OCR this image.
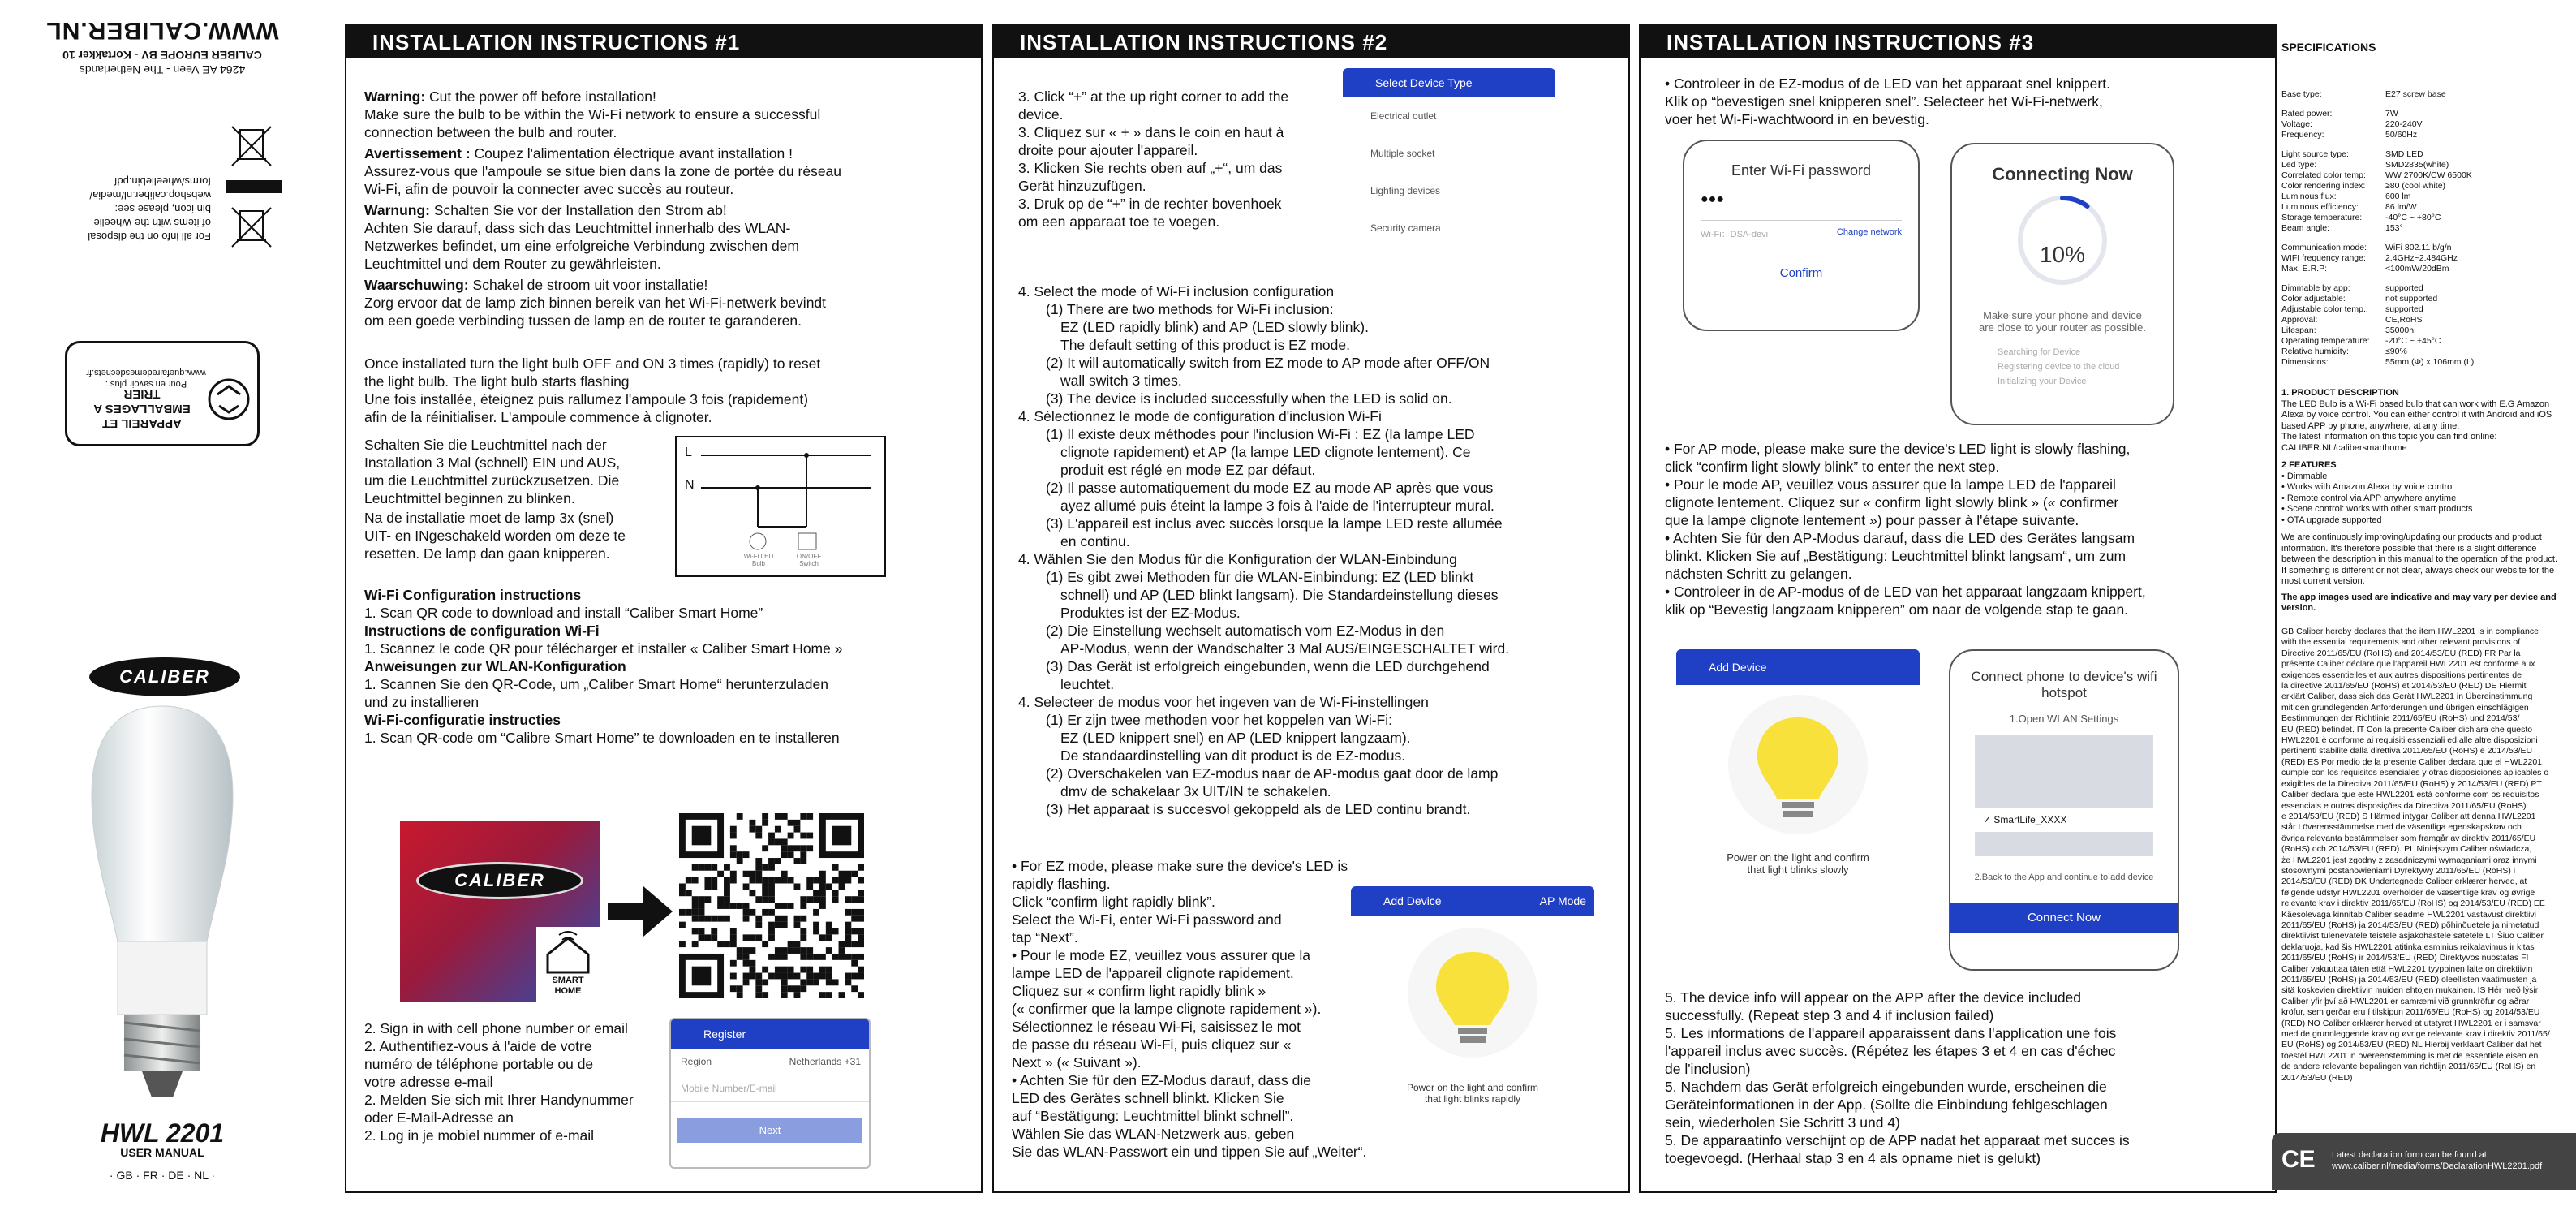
4264 AE Veen - The Netherlands
CALIBER EUROPE BV - Kortakker 10
WWW.CALIBER.NL
For all info on the disposal
of items with the Wheelie
bin icon, please see:
webshop.caliber.nl/media/
forms/wheeliebin.pdf
APPAREIL ET
EMBALLAGES A TRIER
Pour en savoir plus :
www.quefairedemesdechets.fr
CALIBER
HWL 2201
USER MANUAL
· GB · FR · DE · NL ·
INSTALLATION INSTRUCTIONS #1
Warning: Cut the power off before installation!
Make sure the bulb to be within the Wi-Fi network to ensure a successful
connection between the bulb and router.
Avertissement : Coupez l'alimentation électrique avant installation !
Assurez-vous que l'ampoule se situe bien dans la zone de portée du réseau
Wi-Fi, afin de pouvoir la connecter avec succès au routeur.
Warnung: Schalten Sie vor der Installation den Strom ab!
Achten Sie darauf, dass sich das Leuchtmittel innerhalb des WLAN-
Netzwerkes befindet, um eine erfolgreiche Verbindung zwischen dem
Leuchtmittel und dem Router zu gewährleisten.
Waarschuwing: Schakel de stroom uit voor installatie!
Zorg ervoor dat de lamp zich binnen bereik van het Wi-Fi-netwerk bevindt
om een goede verbinding tussen de lamp en de router te garanderen.
Once installated turn the light bulb OFF and ON 3 times (rapidly) to reset
the light bulb. The light bulb starts flashing
Une fois installée, éteignez puis rallumez l'ampoule 3 fois (rapidement)
afin de la réinitialiser. L'ampoule commence à clignoter.
Schalten Sie die Leuchtmittel nach der
Installation 3 Mal (schnell) EIN und AUS,
um die Leuchtmittel zurückzusetzen. Die
Leuchtmittel beginnen zu blinken.
Na de installatie moet de lamp 3x (snel)
UIT- en INgeschakeld worden om deze te
resetten. De lamp dan gaan knipperen.
L
N
Wi-Fi LED Bulb
ON/OFF Switch
Wi-Fi Configuration instructions
1. Scan QR code to download and install “Caliber Smart Home”
Instructions de configuration Wi-Fi
1. Scannez le code QR pour télécharger et installer « Caliber Smart Home »
Anweisungen zur WLAN-Konfiguration
1. Scannen Sie den QR-Code, um „Caliber Smart Home“ herunterzuladen
und zu installieren
Wi-Fi-configuratie instructies
1. Scan QR-code om “Calibre Smart Home” te downloaden en te installeren
CALIBER
SMART HOME
2. Sign in with cell phone number or email
2. Authentifiez-vous à l'aide de votre
numéro de téléphone portable ou de
votre adresse e-mail
2. Melden Sie sich mit Ihrer Handynummer
oder E-Mail-Adresse an
2. Log in je mobiel nummer of e-mail
Register
Region	Netherlands +31
Mobile Number/E-mail
Next
INSTALLATION INSTRUCTIONS #2
3. Click “+” at the up right corner to add the
device.
3. Cliquez sur « + » dans le coin en haut à
droite pour ajouter l'appareil.
3. Klicken Sie rechts oben auf „+“, um das
Gerät hinzuzufügen.
3. Druk op de “+” in de rechter bovenhoek
om een apparaat toe te voegen.
Select Device Type
Electrical outlet
Multiple socket
Lighting devices
Security camera
4. Select the mode of Wi-Fi inclusion configuration
(1) There are two methods for Wi-Fi inclusion:
EZ (LED rapidly blink) and AP (LED slowly blink).
The default setting of this product is EZ mode.
(2) It will automatically switch from EZ mode to AP mode after OFF/ON
wall switch 3 times.
(3) The device is included successfully when the LED is solid on.
4. Sélectionnez le mode de configuration d'inclusion Wi-Fi
(1) Il existe deux méthodes pour l'inclusion Wi-Fi : EZ (la lampe LED
clignote rapidement) et AP (la lampe LED clignote lentement). Ce
produit est réglé en mode EZ par défaut.
(2) Il passe automatiquement du mode EZ au mode AP après que vous
ayez allumé puis éteint la lampe 3 fois à l'aide de l'interrupteur mural.
(3) L'appareil est inclus avec succès lorsque la lampe LED reste allumée
en continu.
4. Wählen Sie den Modus für die Konfiguration der WLAN-Einbindung
(1) Es gibt zwei Methoden für die WLAN-Einbindung: EZ (LED blinkt
schnell) und AP (LED blinkt langsam). Die Standardeinstellung dieses
Produktes ist der EZ-Modus.
(2) Die Einstellung wechselt automatisch vom EZ-Modus in den
AP-Modus, wenn der Wandschalter 3 Mal AUS/EINGESCHALTET wird.
(3) Das Gerät ist erfolgreich eingebunden, wenn die LED durchgehend
leuchtet.
4. Selecteer de modus voor het ingeven van de Wi-Fi-instellingen
(1) Er zijn twee methoden voor het koppelen van Wi-Fi:
EZ (LED knippert snel) en AP (LED knippert langzaam).
De standaardinstelling van dit product is de EZ-modus.
(2) Overschakelen van EZ-modus naar de AP-modus gaat door de lamp
dmv de schakelaar 3x UIT/IN te schakelen.
(3) Het apparaat is succesvol gekoppeld als de LED continu brandt.
• For EZ mode, please make sure the device's LED is rapidly flashing.
Click “confirm light rapidly blink”.
Select the Wi-Fi, enter Wi-Fi password and
tap “Next”.
• Pour le mode EZ, veuillez vous assurer que la
lampe LED de l'appareil clignote rapidement.
Cliquez sur « confirm light rapidly blink »
(« confirmer que la lampe clignote rapidement »).
Sélectionnez le réseau Wi-Fi, saisissez le mot
de passe du réseau Wi-Fi, puis cliquez sur «
Next » (« Suivant »).
• Achten Sie für den EZ-Modus darauf, dass die
LED des Gerätes schnell blinkt. Klicken Sie
auf “Bestätigung: Leuchtmittel blinkt schnell”.
Wählen Sie das WLAN-Netzwerk aus, geben
Sie das WLAN-Passwort ein und tippen Sie auf „Weiter“.
Add Device	AP Mode
Power on the light and confirm
that light blinks rapidly
INSTALLATION INSTRUCTIONS #3
• Controleer in de EZ-modus of de LED van het apparaat snel knippert.
Klik op “bevestigen snel knipperen snel”. Selecteer het Wi-Fi-netwerk,
voer het Wi-Fi-wachtwoord in en bevestig.
Enter Wi-Fi password
●●●
Wi-Fi：DSA-devi	Change network
Confirm
Connecting Now
10%
Make sure your phone and device
are close to your router as possible.
Searching for Device
Registering device to the cloud
Initializing your Device
• For AP mode, please make sure the device's LED light is slowly flashing,
click “confirm light slowly blink” to enter the next step.
• Pour le mode AP, veuillez vous assurer que la lampe LED de l'appareil
clignote lentement. Cliquez sur « confirm light slowly blink » (« confirmer
que la lampe clignote lentement ») pour passer à l'étape suivante.
• Achten Sie für den AP-Modus darauf, dass die LED des Gerätes langsam
blinkt. Klicken Sie auf „Bestätigung: Leuchtmittel blinkt langsam“, um zum
nächsten Schritt zu gelangen.
• Controleer in de AP-modus of de LED van het apparaat langzaam knippert,
klik op “Bevestig langzaam knipperen” om naar de volgende stap te gaan.
Add Device
Power on the light and confirm
that light blinks slowly
Connect phone to device's wifi
hotspot
1.Open WLAN Settings
✓ SmartLife_XXXX
2.Back to the App and continue to add device
Connect Now
5. The device info will appear on the APP after the device included
successfully. (Repeat step 3 and 4 if inclusion failed)
5. Les informations de l'appareil apparaissent dans l'application une fois
l'appareil inclus avec succès. (Répétez les étapes 3 et 4 en cas d'échec
de l'inclusion)
5. Nachdem das Gerät erfolgreich eingebunden wurde, erscheinen die
Geräteinformationen in der App. (Sollte die Einbindung fehlgeschlagen
sein, wiederholen Sie Schritt 3 und 4)
5. De apparaatinfo verschijnt op de APP nadat het apparaat met succes is
toegevoegd. (Herhaal stap 3 en 4 als opname niet is gelukt)
SPECIFICATIONS
Base type:	E27 screw base
Rated power:	7W
Voltage:	220-240V
Frequency:	50/60Hz
Light source type:	SMD LED
Led type:	SMD2835(white)
Correlated color temp: WW 2700K/CW 6500K
Color rendering index: ≥80 (cool white)
Luminous flux:	600 lm
Luminous efficiency:	86 lm/W
Storage temperature:	-40°C ~ +80°C
Beam angle:	153°
Communication mode: WiFi 802.11 b/g/n
WIFI frequency range: 2.4GHz~2.484GHz
Max. E.R.P:	<100mW/20dBm
Dimmable by app:	supported
Color adjustable:	not supported
Adjustable color temp.: supported
Approval:	CE,RoHS
Lifespan:	35000h
Operating temperature: -20°C ~ +45°C
Relative humidity:	≤90%
Dimensions:	55mm (Φ) x 106mm (L)
1. PRODUCT DESCRIPTION
The LED Bulb is a Wi-Fi based bulb that can work with E.G Amazon
Alexa by voice control. You can either control it with Android and iOS
based APP by phone, anywhere, at any time.
The latest information on this topic you can find online:
CALIBER.NL/calibersmarthome
2 FEATURES
• Dimmable
• Works with Amazon Alexa by voice control
• Remote control via APP anywhere anytime
• Scene control: works with other smart products
• OTA upgrade supported
We are continuously improving/updating our products and product
information. It's therefore possible that there is a slight difference
between the description in this manual to the operation of the product.
If something is different or not clear, always check our website for the
most current version.
The app images used are indicative and may vary per device and
version.
GB Caliber hereby declares that the item HWL2201 is in compliance
with the essential requirements and other relevant provisions of
Directive 2011/65/EU (RoHS) and 2014/53/EU (RED) FR Par la
présente Caliber déclare que l'appareil HWL2201 est conforme aux
exigences essentielles et aux autres dispositions pertinentes de
la directive 2011/65/EU (RoHS) et 2014/53/EU (RED) DE Hiermit
erklärt Caliber, dass sich das Gerät HWL2201 in Übereinstimmung
mit den grundlegenden Anforderungen und übrigen einschlägigen
Bestimmungen der Richtlinie 2011/65/EU (RoHS) und 2014/53/
EU (RED) befindet. IT Con la presente Caliber dichiara che questo
HWL2201 è conforme ai requisiti essenziali ed alle altre disposizioni
pertinenti stabilite dalla direttiva 2011/65/EU (RoHS) e 2014/53/EU
(RED) ES Por medio de la presente Caliber declara que el HWL2201
cumple con los requisitos esenciales y otras disposiciones aplicables o
exigibles de la Directiva 2011/65/EU (RoHS) y 2014/53/EU (RED) PT
Caliber declara que este HWL2201 está conforme com os requisitos
essenciais e outras disposições da Directiva 2011/65/EU (RoHS)
e 2014/53/EU (RED) S Härmed intygar Caliber att denna HWL2201
står I överensstämmelse med de väsentliga egenskapskrav och
övriga relevanta bestämmelser som framgår av direktiv 2011/65/EU
(RoHS) och 2014/53/EU (RED). PL Niniejszym Caliber oświadcza,
że HWL2201 jest zgodny z zasadniczymi wymaganiami oraz innymi
stosownymi postanowieniami Dyrektywy 2011/65/EU (RoHS) i
2014/53/EU (RED) DK Undertegnede Caliber erklærer herved, at
følgende udstyr HWL2201 overholder de væsentlige krav og øvrige
relevante krav i direktiv 2011/65/EU (RoHS) og 2014/53/EU (RED) EE
Käesolevaga kinnitab Caliber seadme HWL2201 vastavust direktiivi
2011/65/EU (RoHS) ja 2014/53/EU (RED) põhinõuetele ja nimetatud
direktiivist tulenevatele teistele asjakohastele sätetele LT Šiuo Caliber
deklaruoja, kad šis HWL2201 atitinka esminius reikalavimus ir kitas
2011/65/EU (RoHS) ir 2014/53/EU (RED) Direktyvos nuostatas FI
Caliber vakuuttaa täten että HWL2201 tyyppinen laite on direktiivin
2011/65/EU (RoHS) ja 2014/53/EU (RED) oleellisten vaatimusten ja
sitä koskevien direktiivin muiden ehtojen mukainen. IS Hér með lýsir
Caliber yfir því að HWL2201 er samræmi við grunnkröfur og aðrar
kröfur, sem gerðar eru í tilskipun 2011/65/EU (RoHS) og 2014/53/EU
(RED) NO Caliber erklærer herved at utstyret HWL2201 er i samsvar
med de grunnleggende krav og øvrige relevante krav i direktiv 2011/65/
EU (RoHS) og 2014/53/EU (RED) NL Hierbij verklaart Caliber dat het
toestel HWL2201 in overeenstemming is met de essentiële eisen en
de andere relevante bepalingen van richtlijn 2011/65/EU (RoHS) en
2014/53/EU (RED)
CE Latest declaration form can be found at:
www.caliber.nl/media/forms/DeclarationHWL2201.pdf
